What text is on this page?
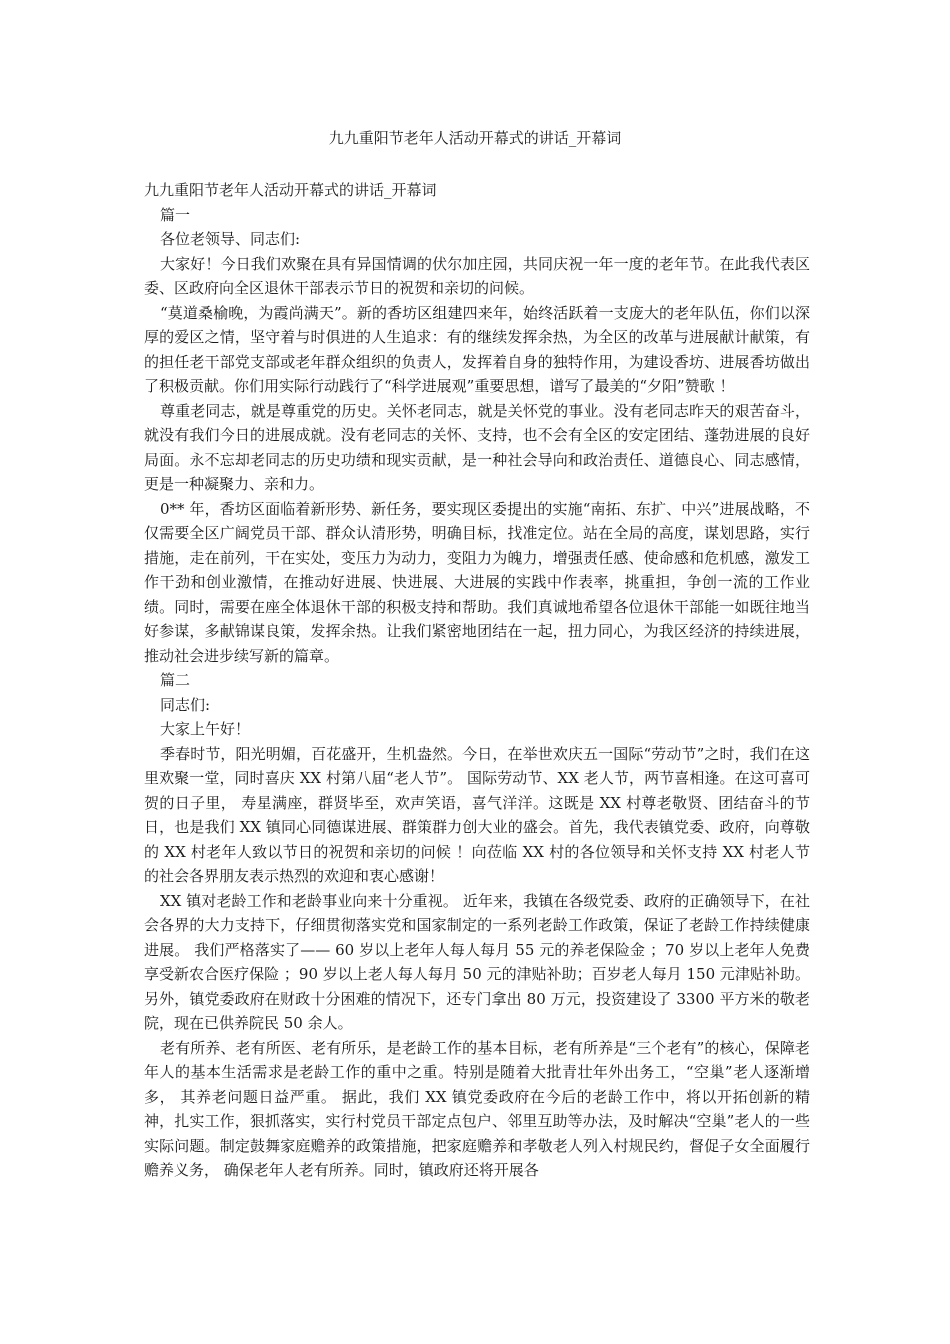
九九重阳节老年人活动开幕式的讲话_开幕词

九九重阳节老年人活动开幕式的讲话_开幕词

篇一

各位老领导、同志们:

大家好！今日我们欢聚在具有异国情调的伏尔加庄园，共同庆祝一年一度的老年节。在此我代表区委、区政府向全区退休干部表示节日的祝贺和亲切的问候。

“莫道桑榆晚，为霞尚满天”。新的香坊区组建四来年，始终活跃着一支庞大的老年队伍，你们以深厚的爱区之情，坚守着与时俱进的人生追求：有的继续发挥余热，为全区的改革与进展献计献策，有的担任老干部党支部或老年群众组织的负责人，发挥着自身的独特作用，为建设香坊、进展香坊做出了积极贡献。你们用实际行动践行了“科学进展观”重要思想，谱写了最美的“夕阳”赞歌 ！

尊重老同志，就是尊重党的历史。关怀老同志，就是关怀党的事业。没有老同志昨天的艰苦奋斗，就没有我们今日的进展成就。没有老同志的关怀、支持，也不会有全区的安定团结、蓬勃进展的良好局面。永不忘却老同志的历史功绩和现实贡献，是一种社会导向和政治责任、道德良心、同志感情，更是一种凝聚力、亲和力。

0** 年，香坊区面临着新形势、新任务，要实现区委提出的实施“南拓、东扩、中兴”进展战略，不仅需要全区广阔党员干部、群众认清形势，明确目标，找准定位。站在全局的高度，谋划思路，实行措施，走在前列，干在实处，变压力为动力，变阻力为魄力，增强责任感、使命感和危机感，激发工作干劲和创业激情，在推动好进展、快进展、大进展的实践中作表率，挑重担，争创一流的工作业绩。同时，需要在座全体退休干部的积极支持和帮助。我们真诚地希望各位退休干部能一如既往地当好参谋，多献锦谋良策，发挥余热。让我们紧密地团结在一起，扭力同心，为我区经济的持续进展，推动社会进步续写新的篇章。

篇二

同志们:

大家上午好！

季春时节，阳光明媚，百花盛开，生机盎然。今日，在举世欢庆五一国际“劳动节”之时，我们在这里欢聚一堂，同时喜庆 XX 村第八届“老人节”。 国际劳动节、XX 老人节，两节喜相逢。在这可喜可贺的日子里， 寿星满座，群贤毕至，欢声笑语，喜气洋洋。这既是 XX 村尊老敬贤、团结奋斗的节日，也是我们 XX 镇同心同德谋进展、群策群力创大业的盛会。首先，我代表镇党委、政府，向尊敬的 XX 村老年人致以节日的祝贺和亲切的问候 ！向莅临 XX 村的各位领导和关怀支持 XX 村老人节的社会各界朋友表示热烈的欢迎和衷心感谢！

XX 镇对老龄工作和老龄事业向来十分重视。 近年来，我镇在各级党委、政府的正确领导下，在社会各界的大力支持下，仔细贯彻落实党和国家制定的一系列老龄工作政策，保证了老龄工作持续健康进展。 我们严格落实了—— 60 岁以上老年人每人每月 55 元的养老保险金 ；70 岁以上老年人免费享受新农合医疗保险 ；90 岁以上老人每人每月 50 元的津贴补助；百岁老人每月 150 元津贴补助。另外，镇党委政府在财政十分困难的情况下，还专门拿出 80 万元，投资建设了 3300 平方米的敬老院，现在已供养院民 50 余人。

老有所养、老有所医、老有所乐，是老龄工作的基本目标，老有所养是“三个老有”的核心，保障老年人的基本生活需求是老龄工作的重中之重。特别是随着大批青壮年外出务工，“空巢”老人逐渐增多， 其养老问题日益严重。 据此，我们 XX 镇党委政府在今后的老龄工作中，将以开拓创新的精神，扎实工作，狠抓落实，实行村党员干部定点包户、邻里互助等办法，及时解决“空巢”老人的一些实际问题。制定鼓舞家庭赡养的政策措施，把家庭赡养和孝敬老人列入村规民约，督促子女全面履行赡养义务， 确保老年人老有所养。同时，镇政府还将开展各
